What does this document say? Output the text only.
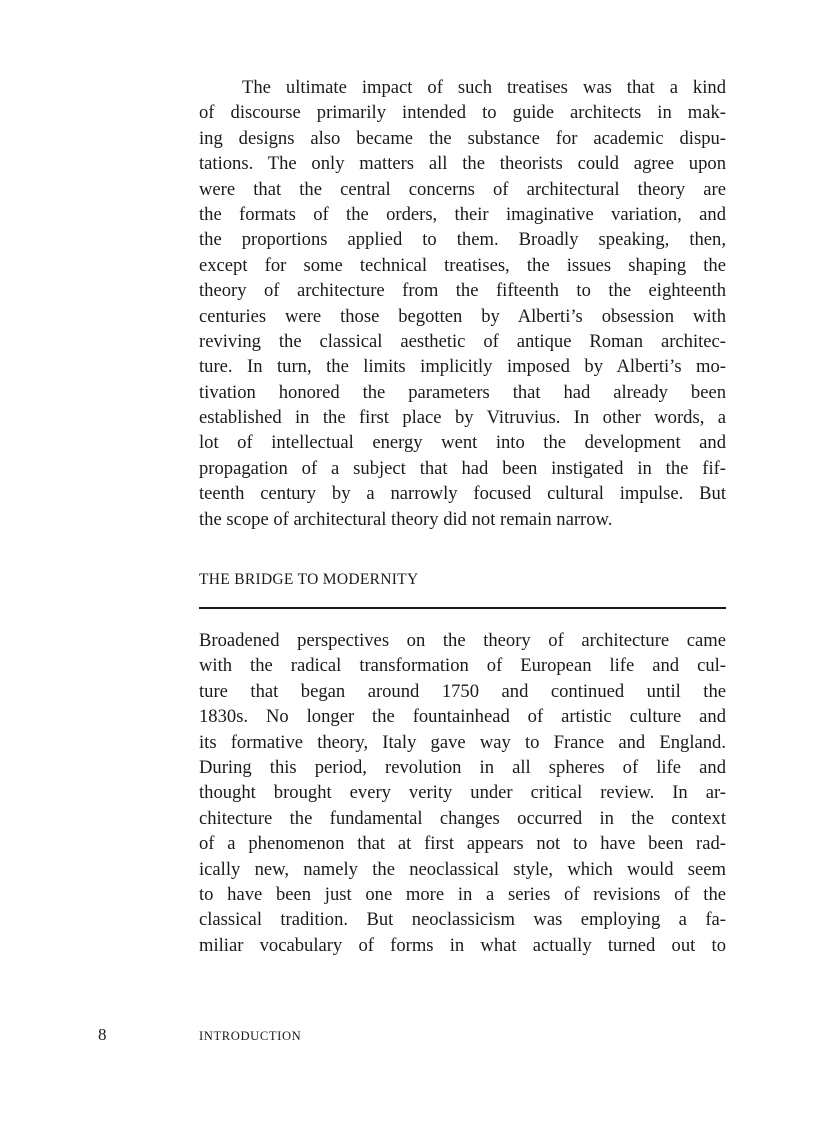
The ultimate impact of such treatises was that a kind
of discourse primarily intended to guide architects in mak-
ing designs also became the substance for academic dispu-
tations. The only matters all the theorists could agree upon
were that the central concerns of architectural theory are
the formats of the orders, their imaginative variation, and
the proportions applied to them. Broadly speaking, then,
except for some technical treatises, the issues shaping the
theory of architecture from the fifteenth to the eighteenth
centuries were those begotten by Alberti’s obsession with
reviving the classical aesthetic of antique Roman architec-
ture. In turn, the limits implicitly imposed by Alberti’s mo-
tivation honored the parameters that had already been
established in the first place by Vitruvius. In other words, a
lot of intellectual energy went into the development and
propagation of a subject that had been instigated in the fif-
teenth century by a narrowly focused cultural impulse. But
the scope of architectural theory did not remain narrow.
THE BRIDGE TO MODERNITY
Broadened perspectives on the theory of architecture came
with the radical transformation of European life and cul-
ture that began around 1750 and continued until the
1830s. No longer the fountainhead of artistic culture and
its formative theory, Italy gave way to France and England.
During this period, revolution in all spheres of life and
thought brought every verity under critical review. In ar-
chitecture the fundamental changes occurred in the context
of a phenomenon that at first appears not to have been rad-
ically new, namely the neoclassical style, which would seem
to have been just one more in a series of revisions of the
classical tradition. But neoclassicism was employing a fa-
miliar vocabulary of forms in what actually turned out to
8	INTRODUCTION
